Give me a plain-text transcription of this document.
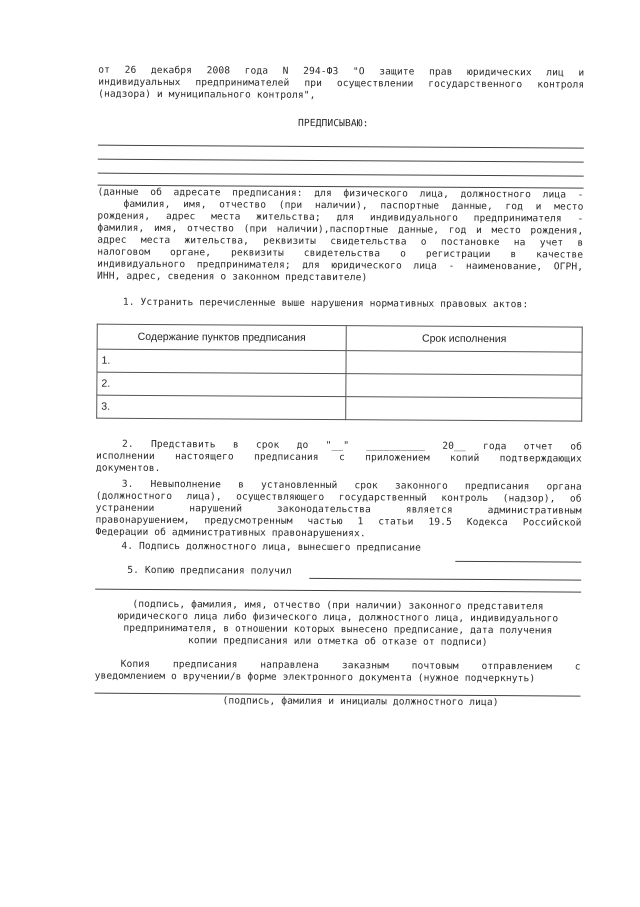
от 26 декабря 2008 года N 294-ФЗ "О защите прав юридических лиц и
индивидуальных предпринимателей при осуществлении государственного контроля
(надзора) и муниципального контроля",
ПРЕДПИСЫВАЮ:
(данные об адресате предписания: для физического лица, должностного лица -
фамилия, имя, отчество (при наличии), паспортные данные, год и место
рождения, адрес места жительства; для индивидуального предпринимателя -
фамилия, имя, отчество (при наличии),паспортные данные, год и место рождения,
адрес места жительства, реквизиты свидетельства о постановке на учет в
налоговом органе, реквизиты свидетельства о регистрации в качестве
индивидуального предпринимателя; для юридического лица - наименование, ОГРН,
ИНН, адрес, сведения о законном представителе)
1. Устранить перечисленные выше нарушения нормативных правовых актов:
Содержание пунктов предписания	Срок исполнения
1.	
2.	
3.	
2. Представить в срок до "__" __________ 20__ года отчет об
исполнении настоящего предписания с приложением копий подтверждающих
документов.
3. Невыполнение в установленный срок законного предписания органа
(должностного лица), осуществляющего государственный контроль (надзор), об
устранении нарушений законодательства является административным
правонарушением, предусмотренным частью 1 статьи 19.5 Кодекса Российской
Федерации об административных правонарушениях.
4. Подпись должностного лица, вынесшего предписание
5. Копию предписания получил
(подпись, фамилия, имя, отчество (при наличии) законного представителя
юридического лица либо физического лица, должностного лица, индивидуального
предпринимателя, в отношении которых вынесено предписание, дата получения
копии предписания или отметка об отказе от подписи)
Копия предписания направлена заказным почтовым отправлением с
уведомлением о вручении/в форме электронного документа (нужное подчеркнуть)
(подпись, фамилия и инициалы должностного лица)
